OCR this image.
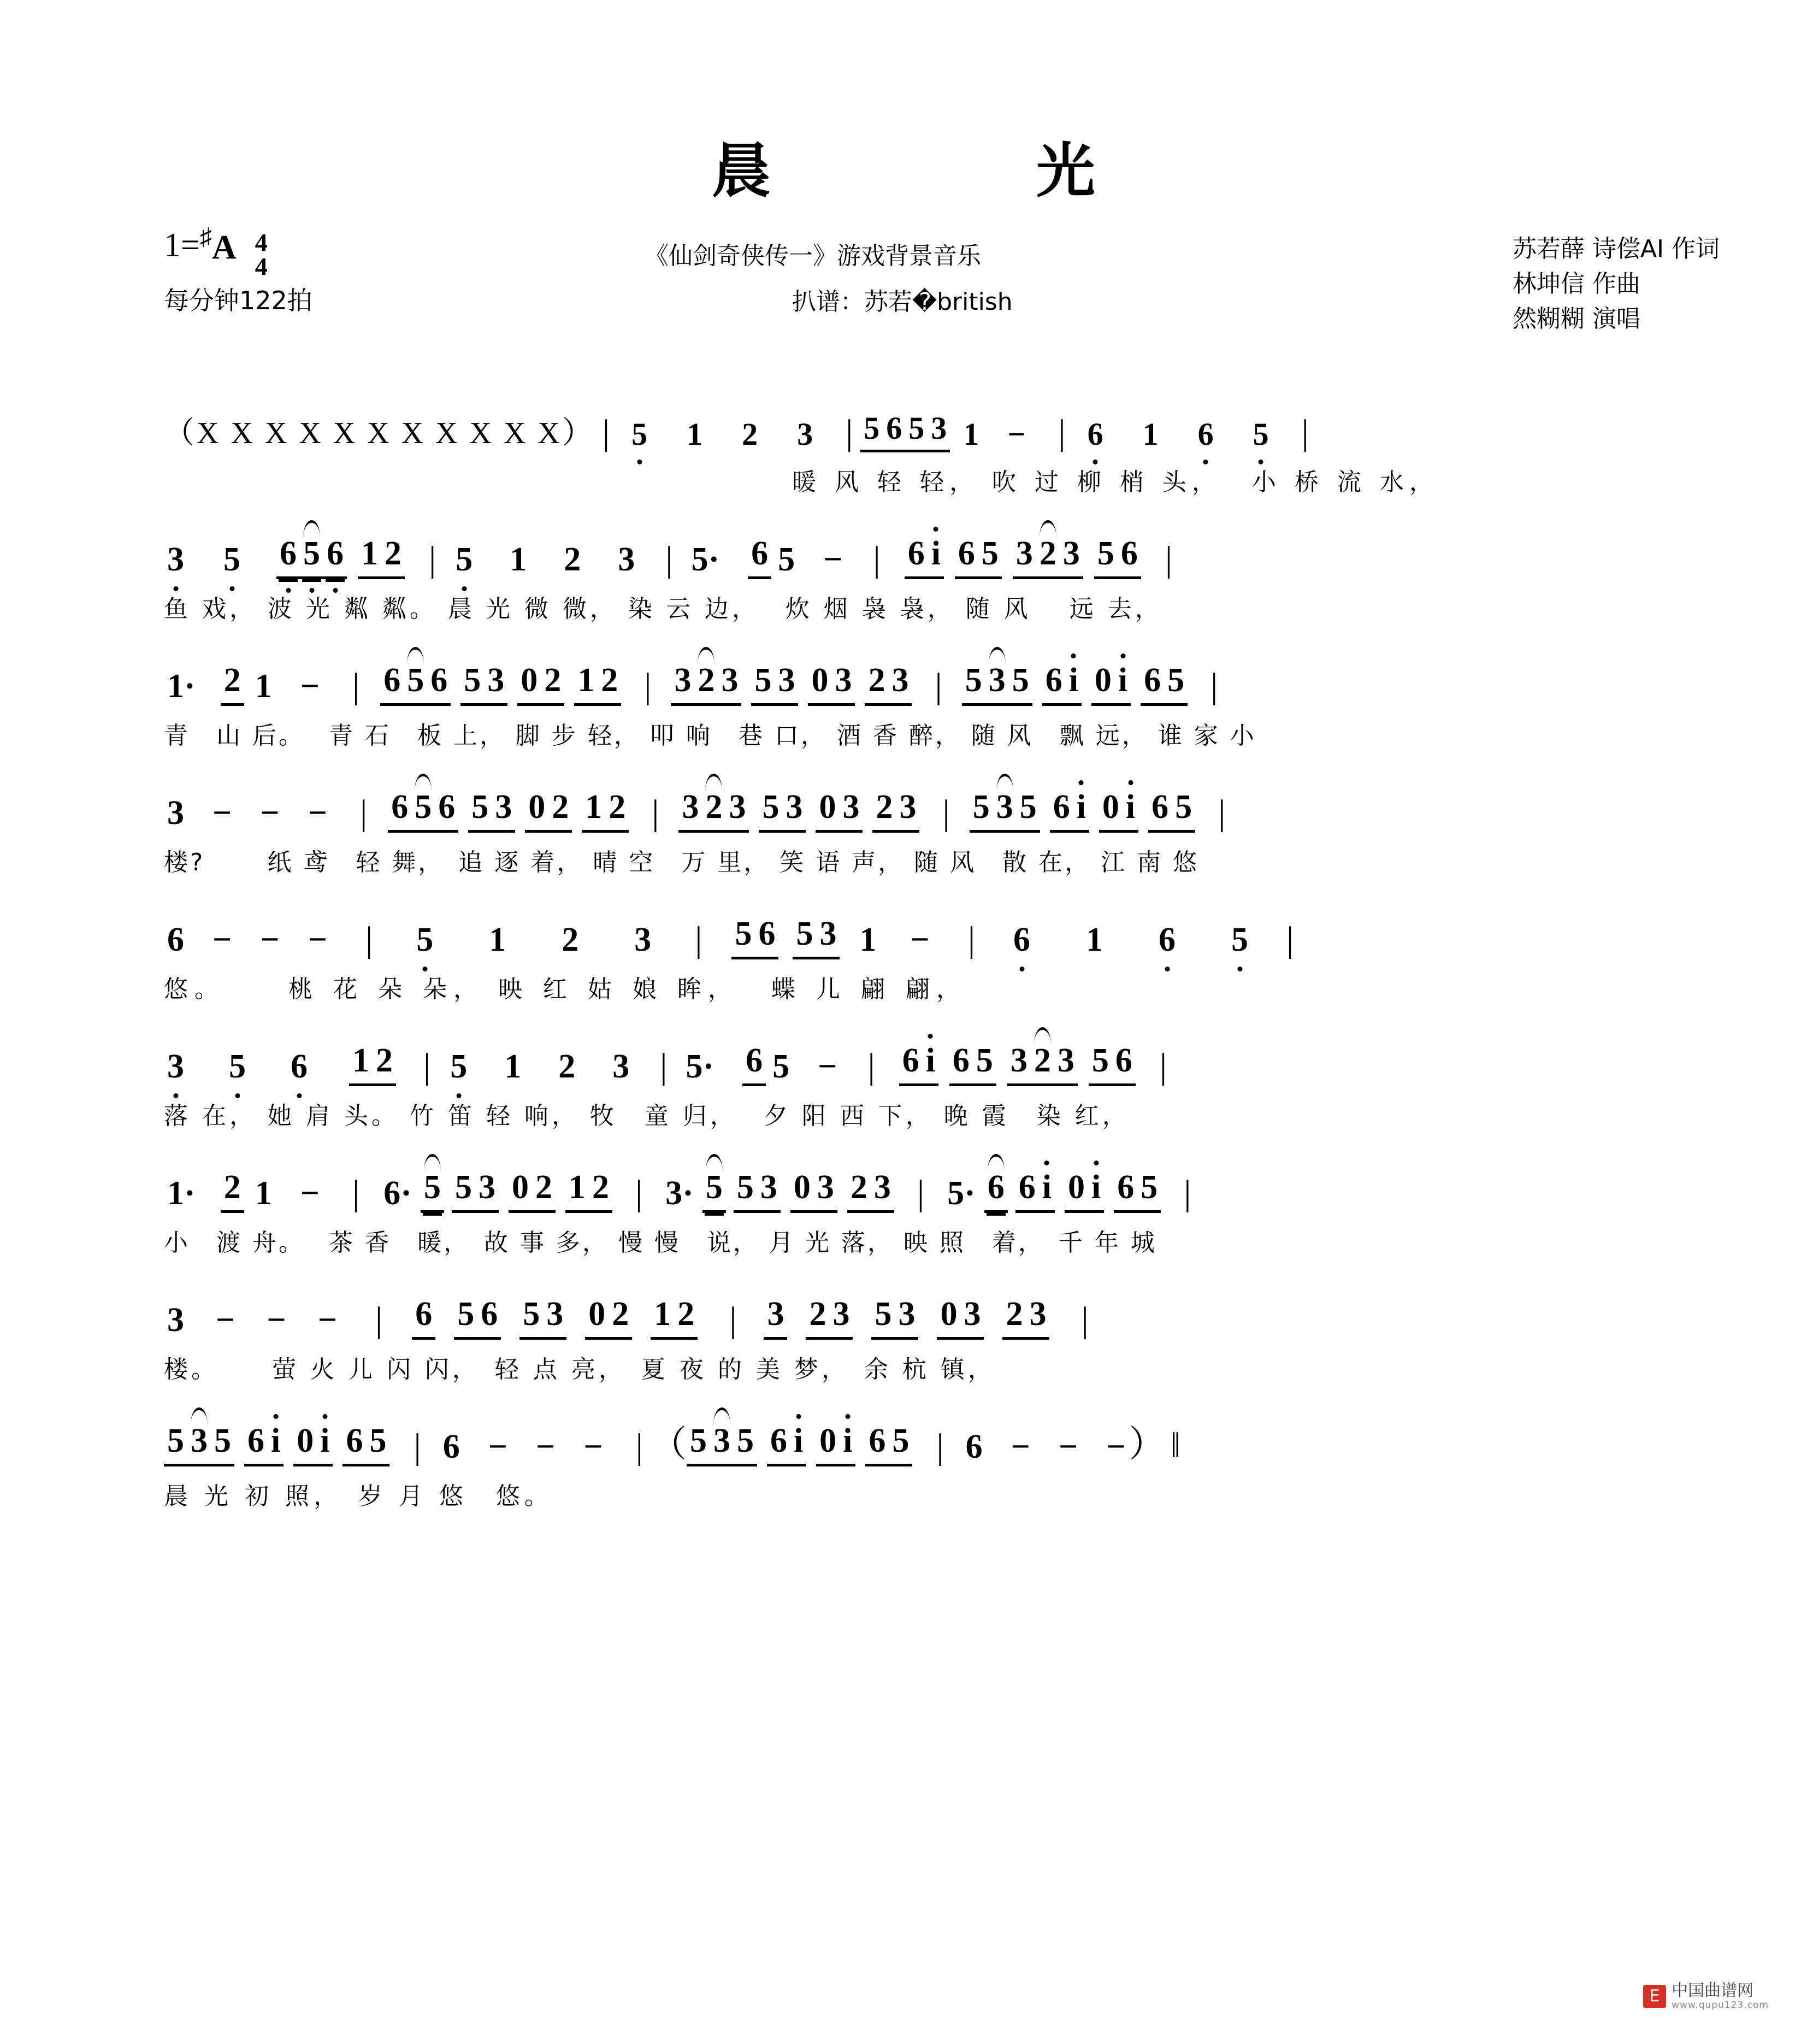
晨　　光
1= ♯ A 4
4
每分钟122拍
《仙剑奇侠传一》游戏背景音乐
扒谱：苏若�british
苏若薛 诗偿AI 作词
林坤信 作曲
然糊糊 演唱
（X X X X X X X X X X X） | 5 1 2 3 | 5 6 5 3 1 − | 6 1 6 5 |
暖 风 轻 轻， 吹 过 柳 梢 头，　 小 桥 流 水，
3 5 6 5 6 1 2 | 5 1 2 3 | 5· 6 5 − | 6 i 6 5 3 2 3 5 6 |
鱼 戏， 波 光 粼 粼。 晨 光 微 微， 染 云 边，　 炊 烟 袅 袅， 随 风　 远 去，
1· 2 1 − | 6 5 6 5 3 0 2 1 2 | 3 2 3 5 3 0 3 2 3 | 5 3 5 6 i 0 i 6 5 |
青　山 后。　 青 石　板 上， 脚 步 轻， 叩 响　巷 口， 酒 香 醉， 随 风　飘 远， 谁 家 小
3 − − − | 6 5 6 5 3 0 2 1 2 | 3 2 3 5 3 0 3 2 3 | 5 3 5 6 i 0 i 6 5 |
楼?　　 纸 鸢　轻 舞，　追 逐 着， 晴 空　万 里， 笑 语 声， 随 风　散 在， 江 南 悠
6 − − − | 5 1 2 3 | 5 6 5 3 1 − | 6 1 6 5 |
悠。　　 桃 花 朵 朵， 映 红 姑 娘 眸，　 蝶 儿 翩 翩，
3 5 6 1 2 | 5 1 2 3 | 5· 6 5 − | 6 i 6 5 3 2 3 5 6 |
落 在， 她 肩 头。 竹 笛 轻 响， 牧　童 归，　 夕 阳 西 下， 晚 霞　染 红，
1· 2 1 − | 6· 5 5 3 0 2 1 2 | 3· 5 5 3 0 3 2 3 | 5· 6 6 i 0 i 6 5 |
小　渡 舟。　 茶 香　暖，　故 事 多， 慢 慢　说， 月 光 落， 映 照　着，　千 年 城
3 − − − | 6 5 6 5 3 0 2 1 2 | 3 2 3 5 3 0 3 2 3 |
楼。　　 萤 火 儿 闪 闪，　轻 点 亮，　夏 夜 的 美 梦，　余 杭 镇，
5 3 5 6 i 0 i 6 5 | 6 − − − | （ 5 3 5 6 i 0 i 6 5 | 6 − − − ） ‖
晨 光 初 照，　岁 月 悠　悠。
E 中国曲谱网
www.qupu123.com
